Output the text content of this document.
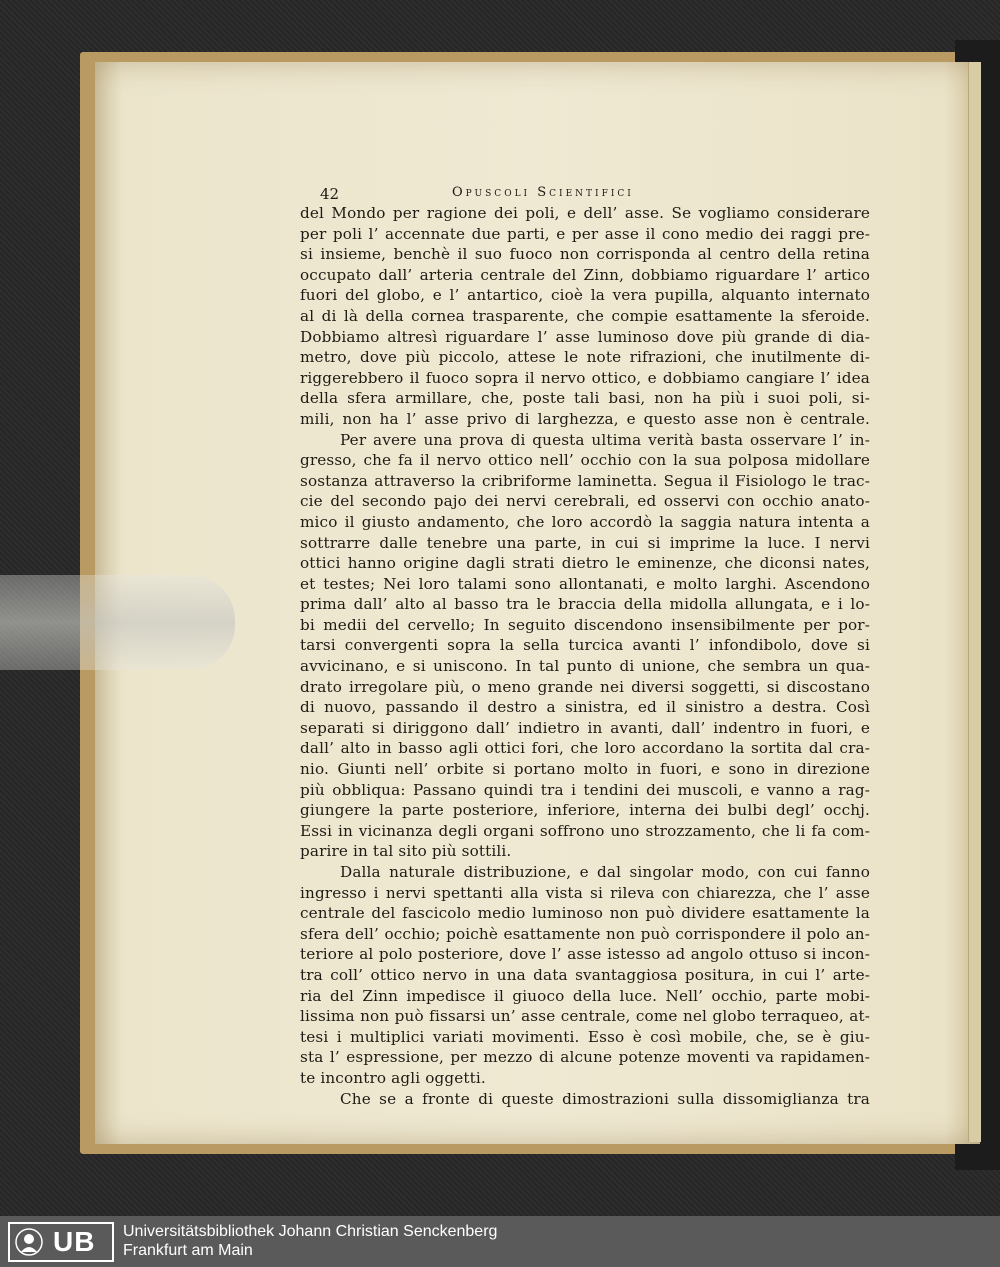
42	Opuscoli Scientifici
del Mondo per ragione dei poli, e dell’ asse. Se vogliamo considerare
per poli l’ accennate due parti, e per asse il cono medio dei raggi pre-
si insieme, benchè il suo fuoco non corrisponda al centro della retina
occupato dall’ arteria centrale del Zinn, dobbiamo riguardare l’ artico
fuori del globo, e l’ antartico, cioè la vera pupilla, alquanto internato
al di là della cornea trasparente, che compie esattamente la sferoide.
Dobbiamo altresì riguardare l’ asse luminoso dove più grande di dia-
metro, dove più piccolo, attese le note rifrazioni, che inutilmente di-
riggerebbero il fuoco sopra il nervo ottico, e dobbiamo cangiare l’ idea
della sfera armillare, che, poste tali basi, non ha più i suoi poli, si-
mili, non ha l’ asse privo di larghezza, e questo asse non è centrale.
Per avere una prova di questa ultima verità basta osservare l’ in-
gresso, che fa il nervo ottico nell’ occhio con la sua polposa midollare
sostanza attraverso la cribriforme laminetta. Segua il Fisiologo le trac-
cie del secondo pajo dei nervi cerebrali, ed osservi con occhio anato-
mico il giusto andamento, che loro accordò la saggia natura intenta a
sottrarre dalle tenebre una parte, in cui si imprime la luce. I nervi
ottici hanno origine dagli strati dietro le eminenze, che diconsi nates,
et testes; Nei loro talami sono allontanati, e molto larghi. Ascendono
prima dall’ alto al basso tra le braccia della midolla allungata, e i lo-
bi medii del cervello; In seguito discendono insensibilmente per por-
tarsi convergenti sopra la sella turcica avanti l’ infondibolo, dove si
avvicinano, e si uniscono. In tal punto di unione, che sembra un qua-
drato irregolare più, o meno grande nei diversi soggetti, si discostano
di nuovo, passando il destro a sinistra, ed il sinistro a destra. Così
separati si diriggono dall’ indietro in avanti, dall’ indentro in fuori, e
dall’ alto in basso agli ottici fori, che loro accordano la sortita dal cra-
nio. Giunti nell’ orbite si portano molto in fuori, e sono in direzione
più obbliqua: Passano quindi tra i tendini dei muscoli, e vanno a rag-
giungere la parte posteriore, inferiore, interna dei bulbi degl’ occhj.
Essi in vicinanza degli organi soffrono uno strozzamento, che li fa com-
parire in tal sito più sottili.
Dalla naturale distribuzione, e dal singolar modo, con cui fanno
ingresso i nervi spettanti alla vista si rileva con chiarezza, che l’ asse
centrale del fascicolo medio luminoso non può dividere esattamente la
sfera dell’ occhio; poichè esattamente non può corrispondere il polo an-
teriore al polo posteriore, dove l’ asse istesso ad angolo ottuso si incon-
tra coll’ ottico nervo in una data svantaggiosa positura, in cui l’ arte-
ria del Zinn impedisce il giuoco della luce. Nell’ occhio, parte mobi-
lissima non può fissarsi un’ asse centrale, come nel globo terraqueo, at-
tesi i multiplici variati movimenti. Esso è così mobile, che, se è giu-
sta l’ espressione, per mezzo di alcune potenze moventi va rapidamen-
te incontro agli oggetti.
Che se a fronte di queste dimostrazioni sulla dissomiglianza tra
UB Universitätsbibliothek Johann Christian Senckenberg
Frankfurt am Main
